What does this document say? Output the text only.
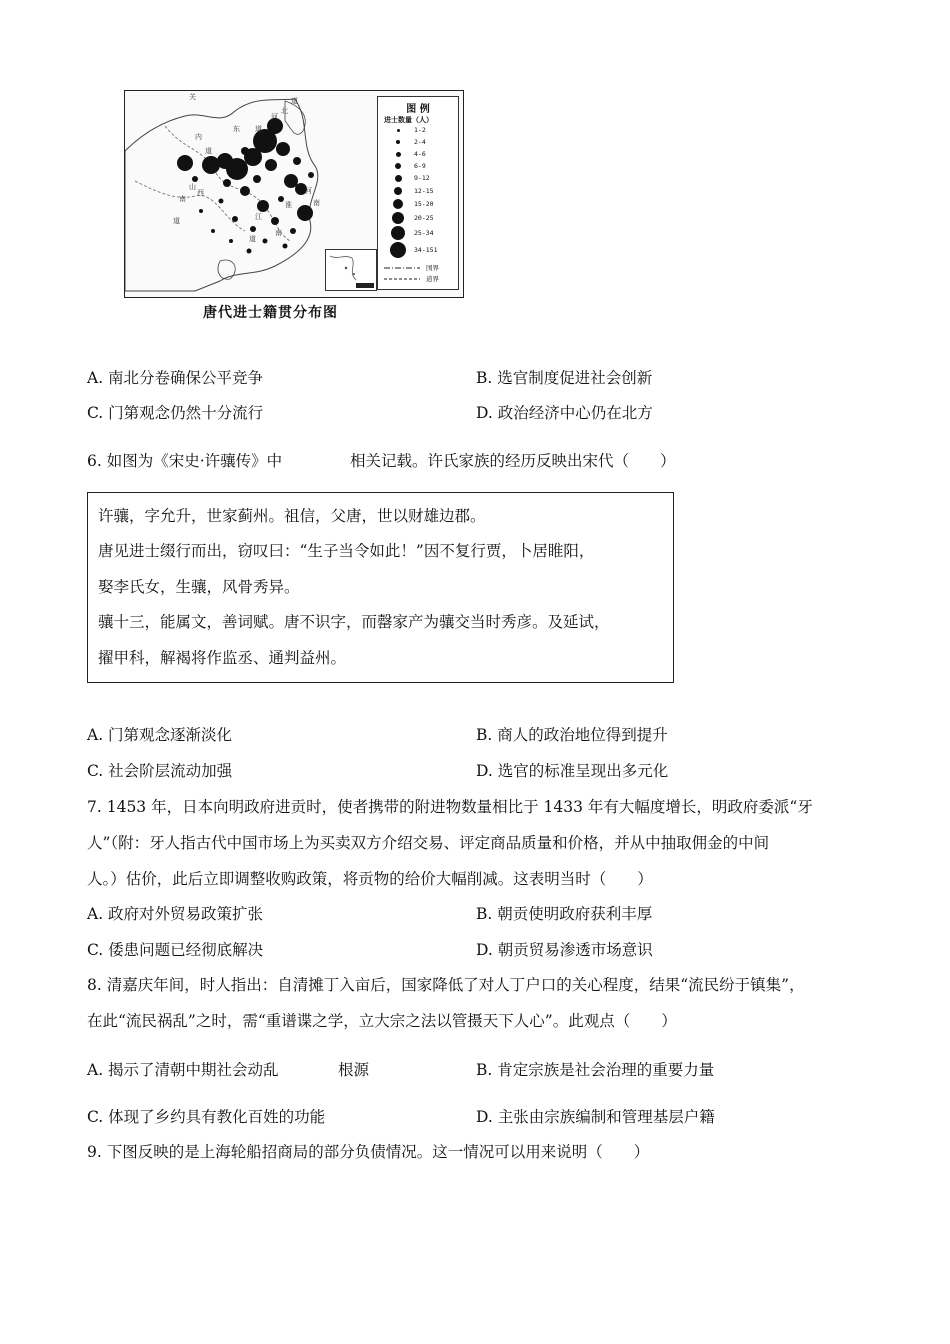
关
内
道
北
道
河
东 道
山
南
西
道
河
南
江
道
南
淮
图 例
进士数量（人）
1-2
2-4
4-6
6-9
9-12
12-15
15-20
20-25
25-34
34-151
国界
道界
唐代进士籍贯分布图
A. 南北分卷确保公平竞争	B. 选官制度促进社会创新
C. 门第观念仍然十分流行	D. 政治经济中心仍在北方
6. 如图为《宋史·许骧传》中	相关记载。许氏家族的经历反映出宋代（　　）
许骧，字允升，世家蓟州。祖信，父唐，世以财雄边郡。
唐见进士缀行而出，窃叹曰：“生子当令如此！”因不复行贾，卜居睢阳，
娶李氏女，生骧，风骨秀异。
骧十三，能属文，善词赋。唐不识字，而罄家产为骧交当时秀彦。及延试，
擢甲科，解褐将作监丞、通判益州。
A. 门第观念逐渐淡化	B. 商人的政治地位得到提升
C. 社会阶层流动加强	D. 选官的标准呈现出多元化
7. 1453 年，日本向明政府进贡时，使者携带的附进物数量相比于 1433 年有大幅度增长，明政府委派“牙
人”（附：牙人指古代中国市场上为买卖双方介绍交易、评定商品质量和价格，并从中抽取佣金的中间
人。）估价，此后立即调整收购政策，将贡物的给价大幅削减。这表明当时（　　）
A. 政府对外贸易政策扩张	B. 朝贡使明政府获利丰厚
C. 倭患问题已经彻底解决	D. 朝贡贸易渗透市场意识
8. 清嘉庆年间，时人指出：自清摊丁入亩后，国家降低了对人丁户口的关心程度，结果“流民纷于镇集”，
在此“流民祸乱”之时，需“重谱谍之学，立大宗之法以管摄天下人心”。此观点（　　）
A. 揭示了清朝中期社会动乱	根源	B. 肯定宗族是社会治理的重要力量
C. 体现了乡约具有教化百姓的功能	D. 主张由宗族编制和管理基层户籍
9. 下图反映的是上海轮船招商局的部分负债情况。这一情况可以用来说明（　　）
